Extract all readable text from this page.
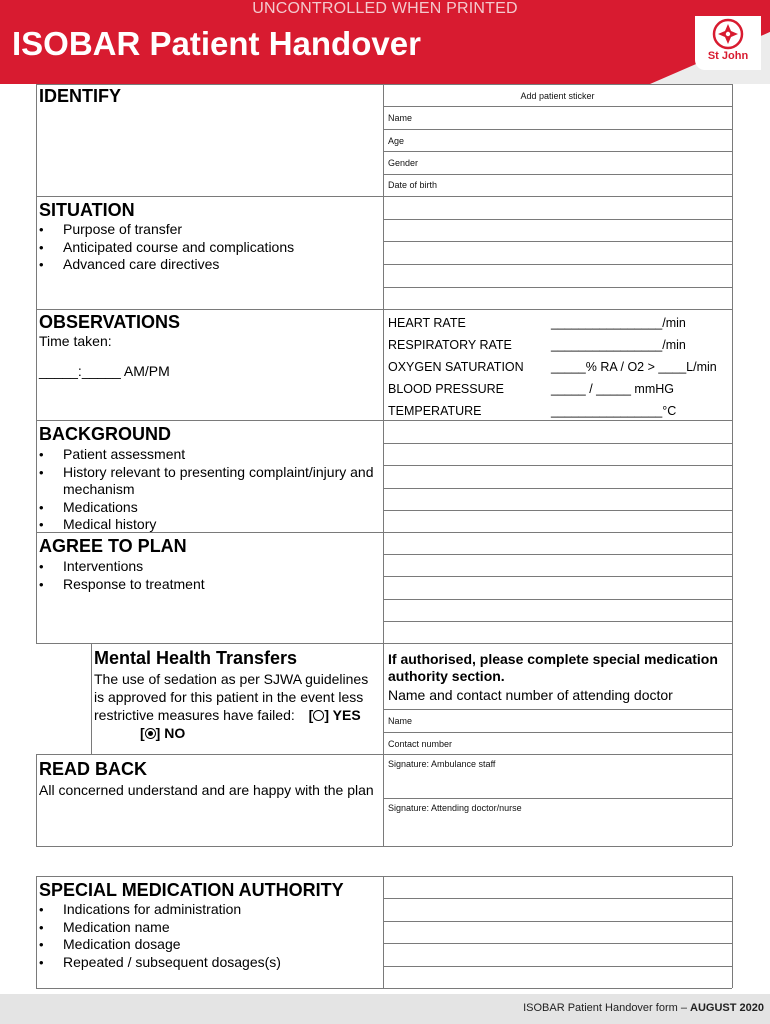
UNCONTROLLED WHEN PRINTED
ISOBAR Patient Handover	St John
IDENTIFY	Add patient sticker
Name
Age
Gender
Date of birth
SITUATION
• Purpose of transfer
• Anticipated course and complications
• Advanced care directives
OBSERVATIONS
Time taken:
_____:_____ AM/PM
HEART RATE	________________/min
RESPIRATORY RATE	________________/min
OXYGEN SATURATION _____% RA / O2 > ____L/min
BLOOD PRESSURE	_____ / _____ mmHG
TEMPERATURE	________________°C
BACKGROUND
• Patient assessment
• History relevant to presenting complaint/injury and mechanism
• Medications
• Medical history
AGREE TO PLAN
• Interventions
• Response to treatment
Mental Health Transfers
The use of sedation as per SJWA guidelines is approved for this patient in the event less restrictive measures have failed: [ ] YES [ ] NO
If authorised, please complete special medication authority section.
Name and contact number of attending doctor
Name
Contact number
Signature: Ambulance staff
Signature: Attending doctor/nurse
READ BACK
All concerned understand and are happy with the plan
SPECIAL MEDICATION AUTHORITY
• Indications for administration
• Medication name
• Medication dosage
• Repeated / subsequent dosages(s)
ISOBAR Patient Handover form – AUGUST 2020
